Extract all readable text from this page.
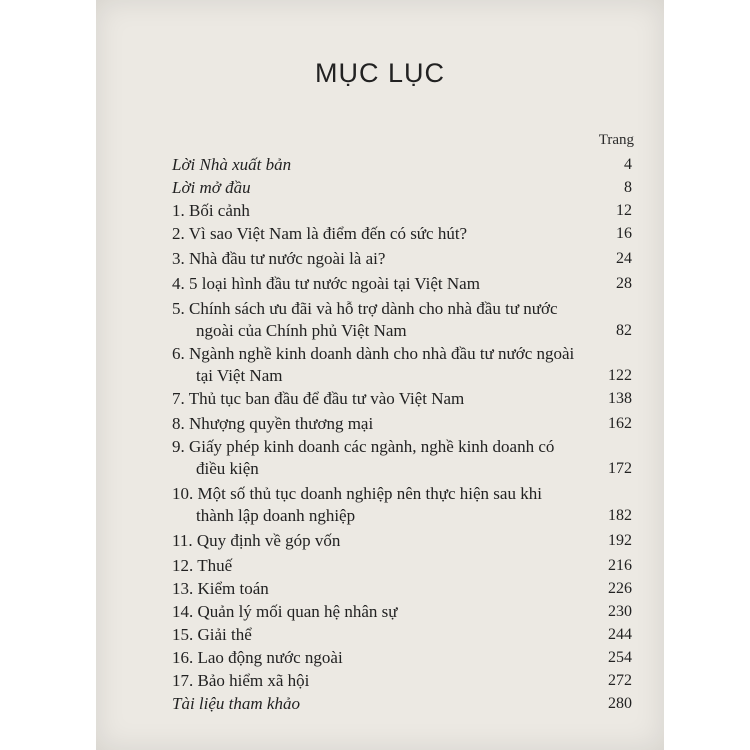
MỤC LỤC
Trang
Lời Nhà xuất bản	4
Lời mở đầu	8
1. Bối cảnh	12
2. Vì sao Việt Nam là điểm đến có sức hút?	16
3. Nhà đầu tư nước ngoài là ai?	24
4. 5 loại hình đầu tư nước ngoài tại Việt Nam	28
5. Chính sách ưu đãi và hỗ trợ dành cho nhà đầu tư nước
ngoài của Chính phủ Việt Nam	82
6. Ngành nghề kinh doanh dành cho nhà đầu tư nước ngoài
tại Việt Nam	122
7. Thủ tục ban đầu để đầu tư vào Việt Nam	138
8. Nhượng quyền thương mại	162
9. Giấy phép kinh doanh các ngành, nghề kinh doanh có
điều kiện	172
10. Một số thủ tục doanh nghiệp nên thực hiện sau khi
thành lập doanh nghiệp	182
11. Quy định về góp vốn	192
12. Thuế	216
13. Kiểm toán	226
14. Quản lý mối quan hệ nhân sự	230
15. Giải thể	244
16. Lao động nước ngoài	254
17. Bảo hiểm xã hội	272
Tài liệu tham khảo	280
